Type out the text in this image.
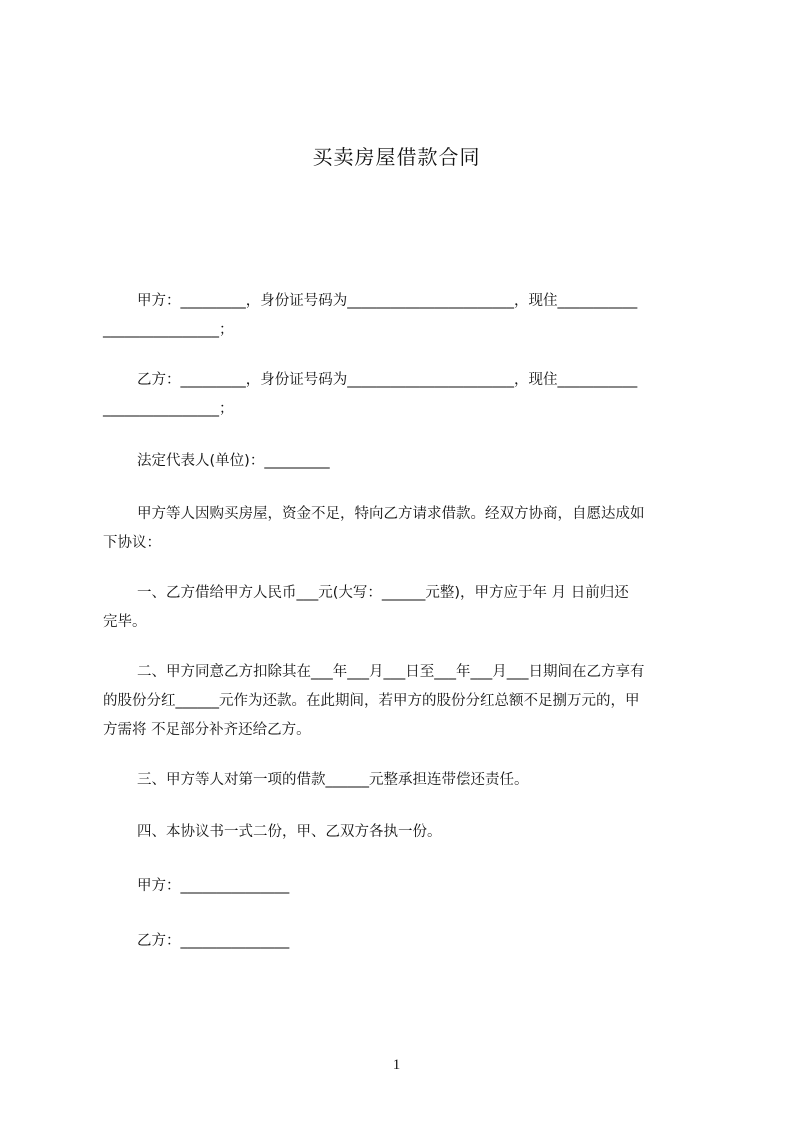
买卖房屋借款合同
甲方：_________，身份证号码为_______________________，现住___________
________________；
乙方：_________，身份证号码为_______________________，现住___________
________________；
法定代表人(单位)：_________
甲方等人因购买房屋，资金不足，特向乙方请求借款。经双方协商，自愿达成如
下协议：
一、乙方借给甲方人民币___元(大写：______元整)，甲方应于年 月 日前归还
完毕。
二、甲方同意乙方扣除其在___年___月___日至___年___月___日期间在乙方享有
的股份分红______元作为还款。在此期间，若甲方的股份分红总额不足捌万元的，甲
方需将 不足部分补齐还给乙方。
三、甲方等人对第一项的借款______元整承担连带偿还责任。
四、本协议书一式二份，甲、乙双方各执一份。
甲方：_______________
乙方：_______________
1
